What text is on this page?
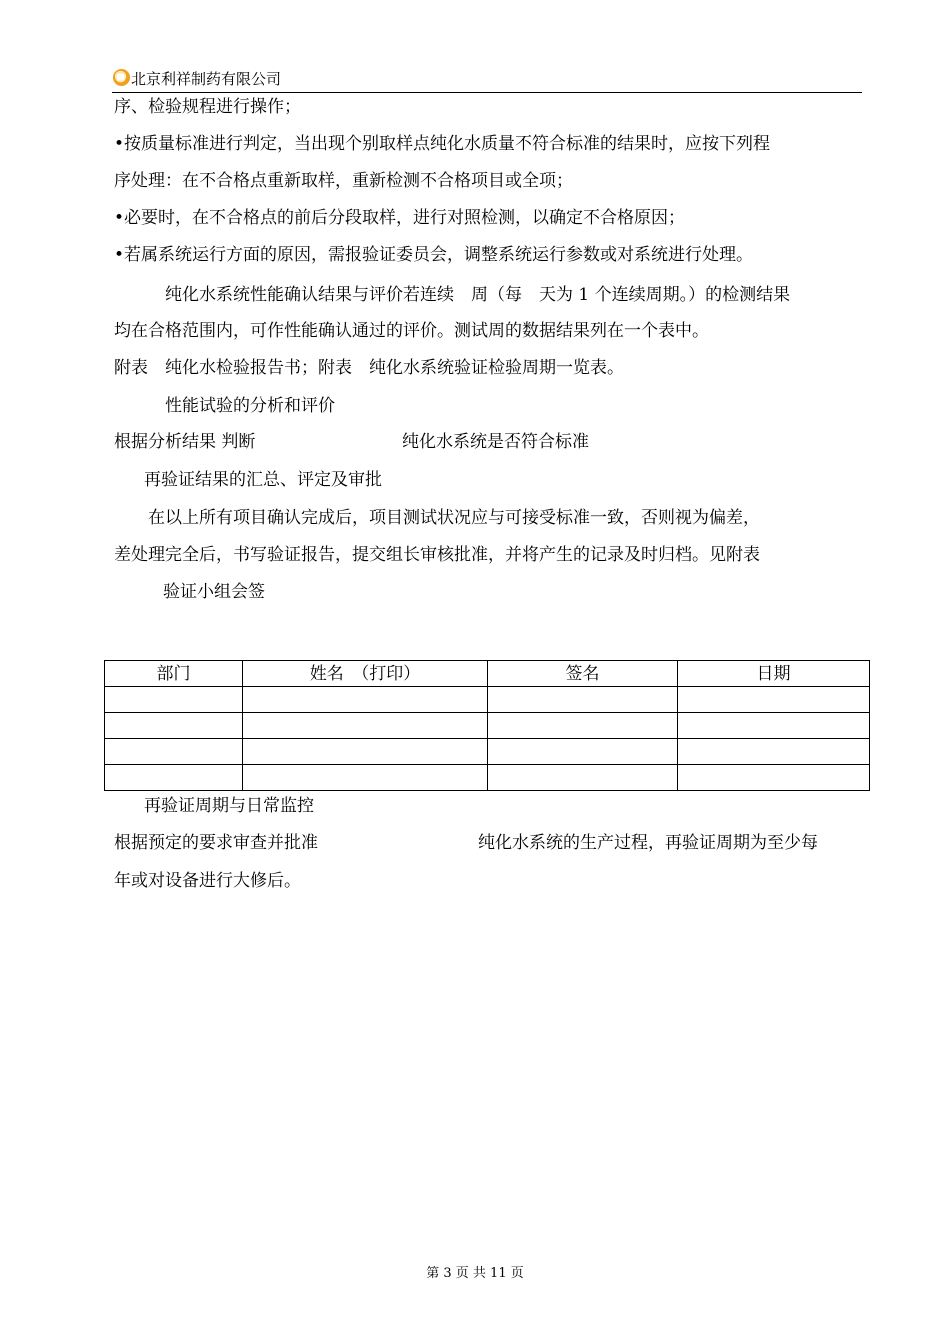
北京利祥制药有限公司
序、检验规程进行操作；
•按质量标准进行判定，当出现个别取样点纯化水质量不符合标准的结果时，应按下列程
序处理：在不合格点重新取样，重新检测不合格项目或全项；
•必要时，在不合格点的前后分段取样，进行对照检测，以确定不合格原因；
•若属系统运行方面的原因，需报验证委员会，调整系统运行参数或对系统进行处理。
纯化水系统性能确认结果与评价若连续　周（每　天为 1 个连续周期。）的检测结果
均在合格范围内，可作性能确认通过的评价。测试周的数据结果列在一个表中。
附表　纯化水检验报告书；附表　纯化水系统验证检验周期一览表。
性能试验的分析和评价
根据分析结果 判断	纯化水系统是否符合标准
再验证结果的汇总、评定及审批
在以上所有项目确认完成后，项目测试状况应与可接受标准一致，否则视为偏差，
差处理完全后，书写验证报告，提交组长审核批准，并将产生的记录及时归档。见附表
验证小组会签
部门	姓名　（打印）	签名	日期

再验证周期与日常监控
根据预定的要求审查并批准	纯化水系统的生产过程，再验证周期为至少每
年或对设备进行大修后。
第 3 页 共 11 页
